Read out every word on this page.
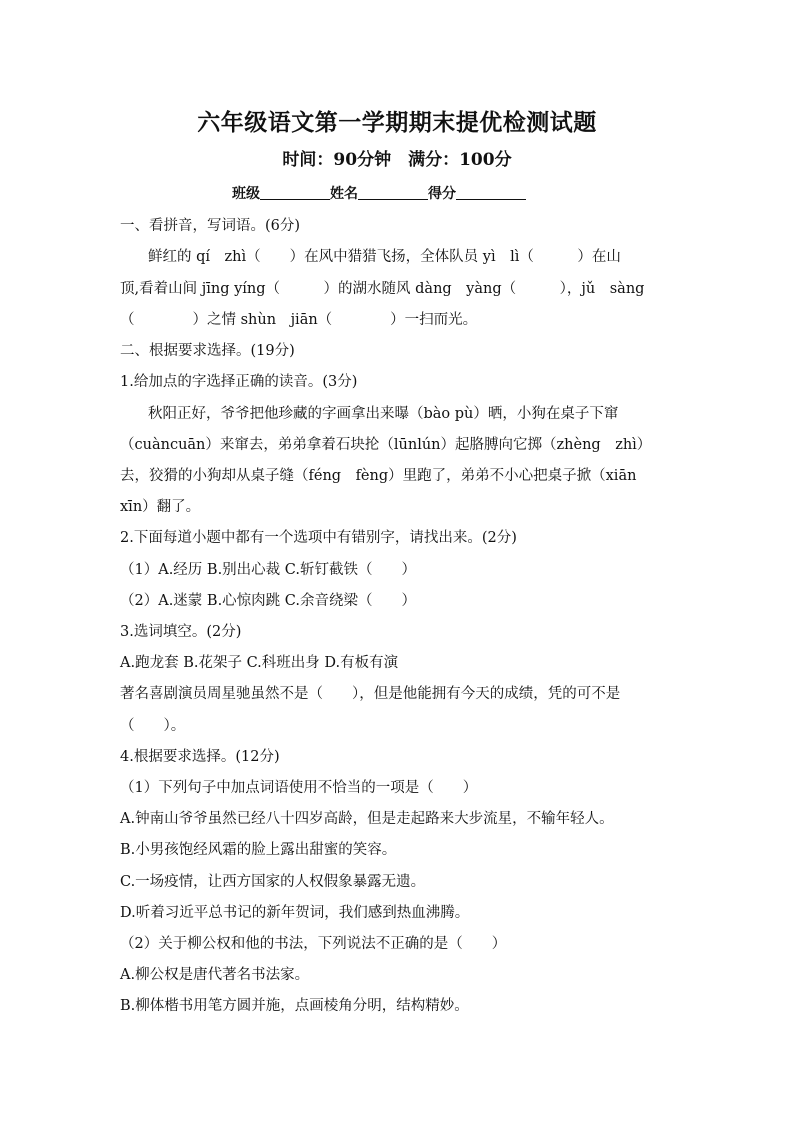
六年级语文第一学期期末提优检测试题
时间：90分钟　满分：100分
班级	姓名	得分
一、看拼音，写词语。(6分)
鲜红的 qí　zhì（　　）在风中猎猎飞扬，全体队员 yì　lì（　　　）在山
顶,看着山间 jīng yíng（　　　）的湖水随风 dàng　yàng（　　　），jǔ　sàng
（　　　　）之情 shùn　jiān（　　　　）一扫而光。
二、根据要求选择。(19分)
1.给加点的字选择正确的读音。(3分)
秋阳正好，爷爷把他珍藏的字画拿出来曝（bào pù）晒，小狗在桌子下窜
（cuàncuān）来窜去，弟弟拿着石块抡（lūnlún）起胳膊向它掷（zhèng　zhì）
去，狡猾的小狗却从桌子缝（féng　fèng）里跑了，弟弟不小心把桌子掀（xiān
xīn）翻了。
2.下面每道小题中都有一个选项中有错别字，请找出来。(2分)
（1）A.经历 B.别出心裁 C.斩钉截铁（　　）
（2）A.迷蒙 B.心惊肉跳 C.余音绕梁（　　）
3.选词填空。(2分)
A.跑龙套 B.花架子 C.科班出身 D.有板有演
著名喜剧演员周星驰虽然不是（　　），但是他能拥有今天的成绩，凭的可不是
（　　）。
4.根据要求选择。(12分)
（1）下列句子中加点词语使用不恰当的一项是（　　）
A.钟南山爷爷虽然已经八十四岁高龄，但是走起路来大步流星，不输年轻人。
B.小男孩饱经风霜的脸上露出甜蜜的笑容。
C.一场疫情，让西方国家的人权假象暴露无遗。
D.听着习近平总书记的新年贺词，我们感到热血沸腾。
（2）关于柳公权和他的书法，下列说法不正确的是（　　）
A.柳公权是唐代著名书法家。
B.柳体楷书用笔方圆并施，点画棱角分明，结构精妙。
